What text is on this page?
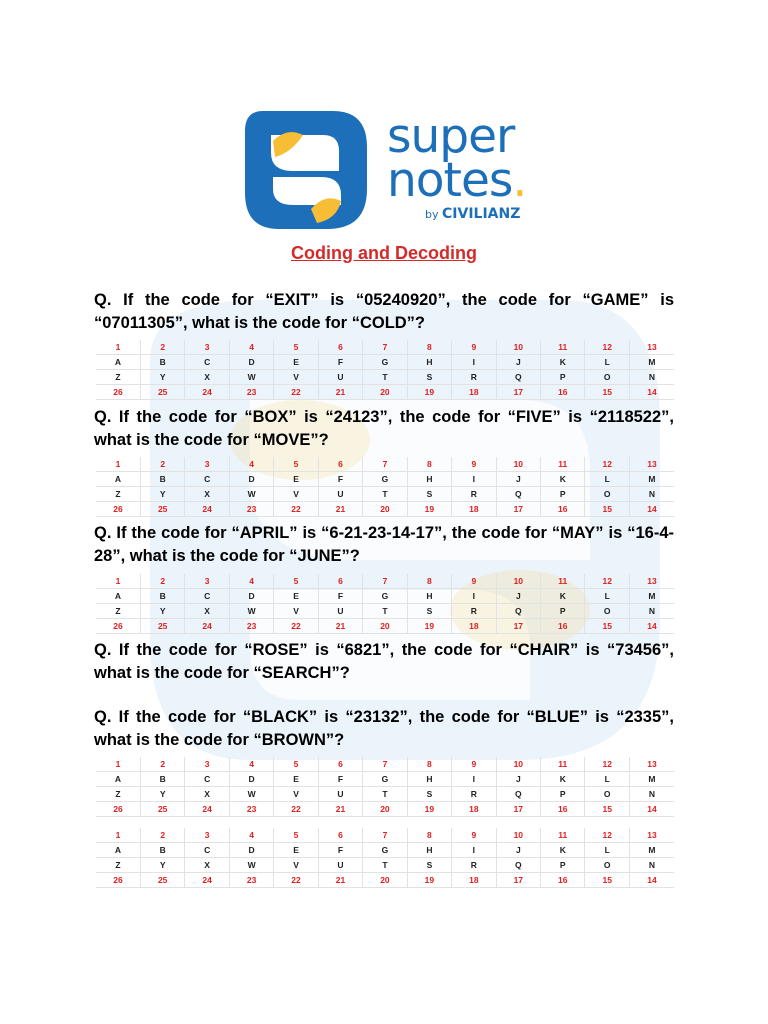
super
notes.
by CIVILIANZ
Coding and Decoding
Q. If the code for “EXIT” is “05240920”, the code for “GAME” is “07011305”, what is the code for “COLD”?
Q. If the code for “BOX” is “24123”, the code for “FIVE” is “2118522”, what is the code for “MOVE”?
Q. If the code for “APRIL” is “6-21-23-14-17”, the code for “MAY” is “16-4-28”, what is the code for “JUNE”?
Q. If the code for “ROSE” is “6821”, the code for “CHAIR” is “73456”, what is the code for “SEARCH”?
Q. If the code for “BLACK” is “23132”, the code for “BLUE” is “2335”, what is the code for “BROWN”?
1	2	3	4	5	6	7	8	9	10	11	12	13
A	B	C	D	E	F	G	H	I	J	K	L	M
Z	Y	X	W	V	U	T	S	R	Q	P	O	N
26	25	24	23	22	21	20	19	18	17	16	15	14
1	2	3	4	5	6	7	8	9	10	11	12	13
A	B	C	D	E	F	G	H	I	J	K	L	M
Z	Y	X	W	V	U	T	S	R	Q	P	O	N
26	25	24	23	22	21	20	19	18	17	16	15	14
1	2	3	4	5	6	7	8	9	10	11	12	13
A	B	C	D	E	F	G	H	I	J	K	L	M
Z	Y	X	W	V	U	T	S	R	Q	P	O	N
26	25	24	23	22	21	20	19	18	17	16	15	14
1	2	3	4	5	6	7	8	9	10	11	12	13
A	B	C	D	E	F	G	H	I	J	K	L	M
Z	Y	X	W	V	U	T	S	R	Q	P	O	N
26	25	24	23	22	21	20	19	18	17	16	15	14
1	2	3	4	5	6	7	8	9	10	11	12	13
A	B	C	D	E	F	G	H	I	J	K	L	M
Z	Y	X	W	V	U	T	S	R	Q	P	O	N
26	25	24	23	22	21	20	19	18	17	16	15	14
